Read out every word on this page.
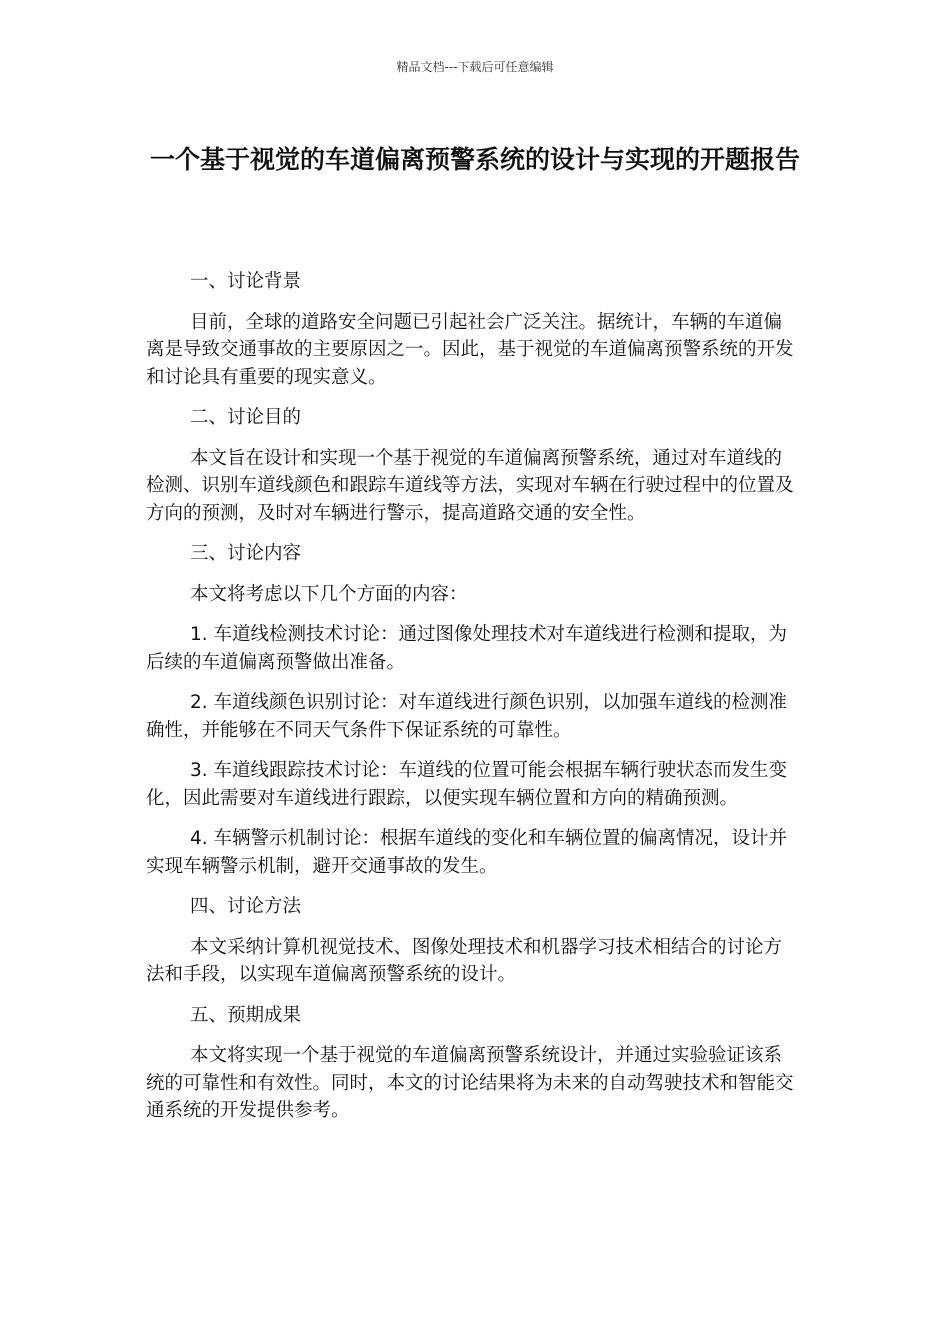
精品文档---下载后可任意编辑
一个基于视觉的车道偏离预警系统的设计与实现的开题报告

一、讨论背景

目前，全球的道路安全问题已引起社会广泛关注。据统计，车辆的车道偏离是导致交通事故的主要原因之一。因此，基于视觉的车道偏离预警系统的开发和讨论具有重要的现实意义。

二、讨论目的

本文旨在设计和实现一个基于视觉的车道偏离预警系统，通过对车道线的检测、识别车道线颜色和跟踪车道线等方法，实现对车辆在行驶过程中的位置及方向的预测，及时对车辆进行警示，提高道路交通的安全性。

三、讨论内容

本文将考虑以下几个方面的内容：

1. 车道线检测技术讨论：通过图像处理技术对车道线进行检测和提取，为后续的车道偏离预警做出准备。

2. 车道线颜色识别讨论：对车道线进行颜色识别，以加强车道线的检测准确性，并能够在不同天气条件下保证系统的可靠性。

3. 车道线跟踪技术讨论：车道线的位置可能会根据车辆行驶状态而发生变化，因此需要对车道线进行跟踪，以便实现车辆位置和方向的精确预测。

4. 车辆警示机制讨论：根据车道线的变化和车辆位置的偏离情况，设计并实现车辆警示机制，避开交通事故的发生。

四、讨论方法

本文采纳计算机视觉技术、图像处理技术和机器学习技术相结合的讨论方法和手段，以实现车道偏离预警系统的设计。

五、预期成果

本文将实现一个基于视觉的车道偏离预警系统设计，并通过实验验证该系统的可靠性和有效性。同时，本文的讨论结果将为未来的自动驾驶技术和智能交通系统的开发提供参考。
